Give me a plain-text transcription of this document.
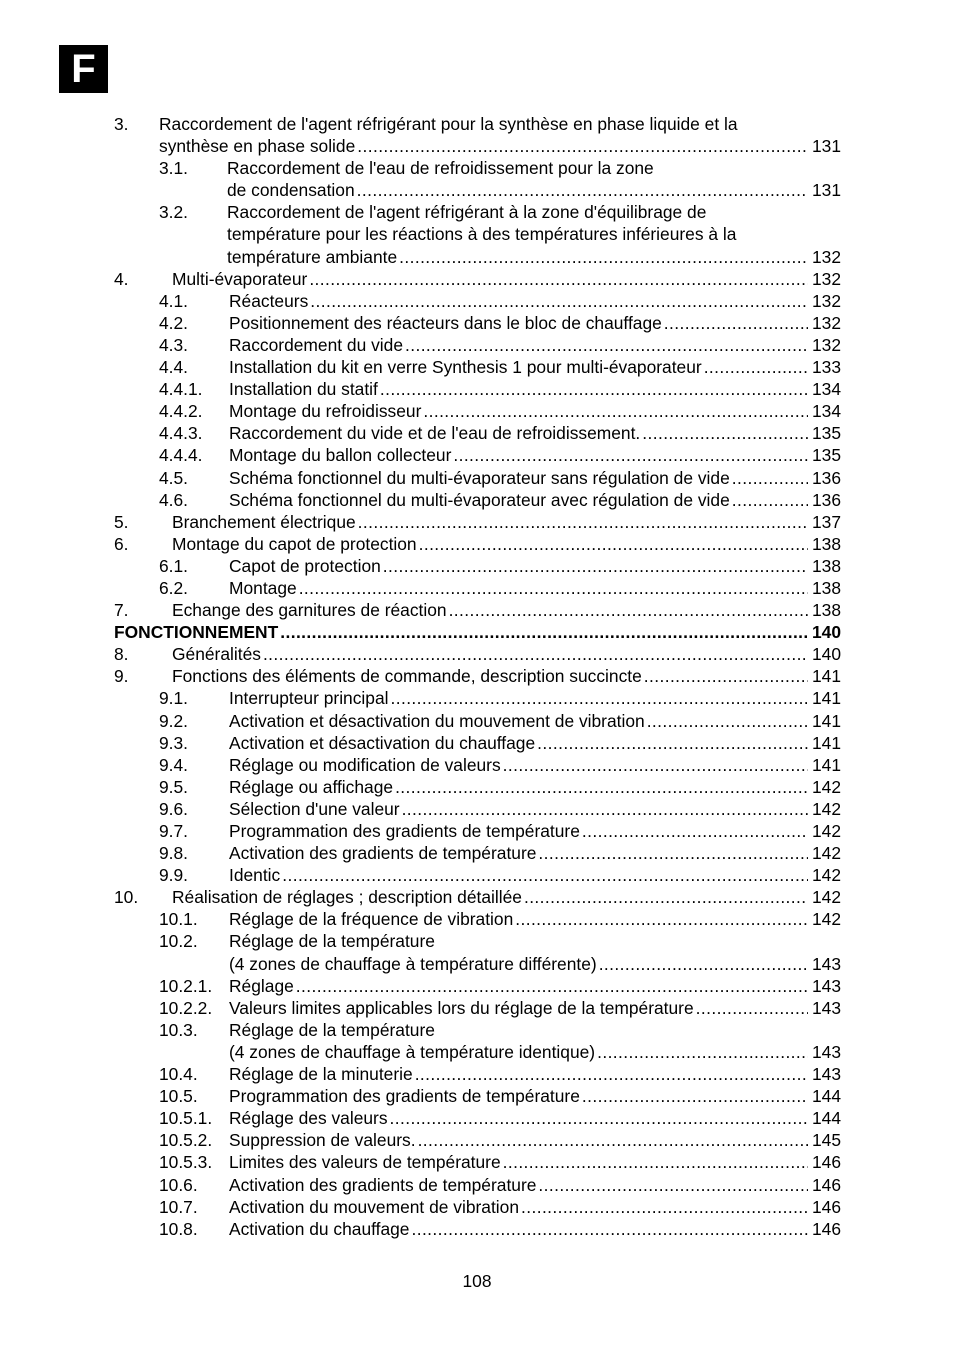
F
3. Raccordement de l'agent réfrigérant pour la synthèse en phase liquide et la
synthèse en phase solide .....	131
3.1. Raccordement de l'eau de refroidissement pour la zone
de condensation .....	131
3.2. Raccordement de l'agent réfrigérant à la zone d'équilibrage de
température pour les réactions à des températures inférieures à la
température ambiante .....	132
4. Multi-évaporateur .....	132
4.1. Réacteurs .....	132
4.2. Positionnement des réacteurs dans le bloc de chauffage .....	132
4.3. Raccordement du vide .....	132
4.4. Installation du kit en verre Synthesis 1 pour multi-évaporateur .....	133
4.4.1. Installation du statif .....	134
4.4.2. Montage du refroidisseur .....	134
4.4.3. Raccordement du vide et de l'eau de refroidissement. .....	135
4.4.4. Montage du ballon collecteur .....	135
4.5. Schéma fonctionnel du multi-évaporateur sans régulation de vide .....	136
4.6. Schéma fonctionnel du multi-évaporateur avec régulation de vide .....	136
5. Branchement électrique .....	137
6. Montage du capot de protection .....	138
6.1. Capot de protection .....	138
6.2. Montage .....	138
7. Echange des garnitures de réaction .....	138
FONCTIONNEMENT .....	140
8. Généralités .....	140
9. Fonctions des éléments de commande, description succincte .....	141
9.1. Interrupteur principal .....	141
9.2. Activation et désactivation du mouvement de vibration .....	141
9.3. Activation et désactivation du chauffage .....	141
9.4. Réglage ou modification de valeurs .....	141
9.5. Réglage ou affichage .....	142
9.6. Sélection d'une valeur .....	142
9.7. Programmation des gradients de température .....	142
9.8. Activation des gradients de température .....	142
9.9. Identic .....	142
10. Réalisation de réglages ; description détaillée .....	142
10.1. Réglage de la fréquence de vibration .....	142
10.2. Réglage de la température
(4 zones de chauffage à température différente) .....	143
10.2.1. Réglage .....	143
10.2.2. Valeurs limites applicables lors du réglage de la température .....	143
10.3. Réglage de la température
(4 zones de chauffage à température identique) .....	143
10.4. Réglage de la minuterie .....	143
10.5. Programmation des gradients de température .....	144
10.5.1. Réglage des valeurs .....	144
10.5.2. Suppression de valeurs. .....	145
10.5.3. Limites des valeurs de température .....	146
10.6. Activation des gradients de température .....	146
10.7. Activation du mouvement de vibration .....	146
10.8. Activation du chauffage .....	146
108
